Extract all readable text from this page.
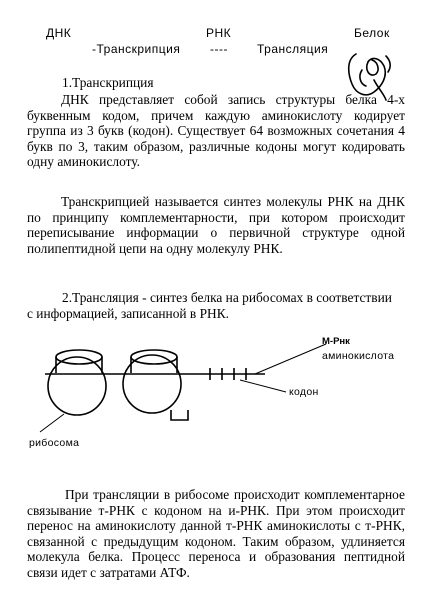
ДНК	РНК	Белок
-Транскрипция ---- Трансляция
1.Транскрипция

ДНК представляет собой запись структуры белка 4-х буквенным кодом, причем каждую аминокислоту кодирует группа из 3 букв (кодон). Существует 64 возможных сочетания 4 букв по 3, таким образом, различные кодоны могут кодировать одну аминокислоту.

Транскрипцией называется синтез молекулы РНК на ДНК по принципу комплементарности, при котором происходит переписывание информации о первичной структуре одной полипептидной цепи на одну молекулу РНК.

2.Трансляция - синтез белка на рибосомах в соответствии
с информацией, записанной в РНК.
М-Рнк
аминокислота
кодон
рибосома

При трансляции в рибосоме происходит комплементарное связывание т-РНК с кодоном на и-РНК. При этом происходит перенос на аминокислоту данной т-РНК аминокислоты с т-РНК, связанной с предыдущим кодоном. Таким образом, удлиняется молекула белка. Процесс переноса и образования пептидной связи идет с затратами АТФ.
